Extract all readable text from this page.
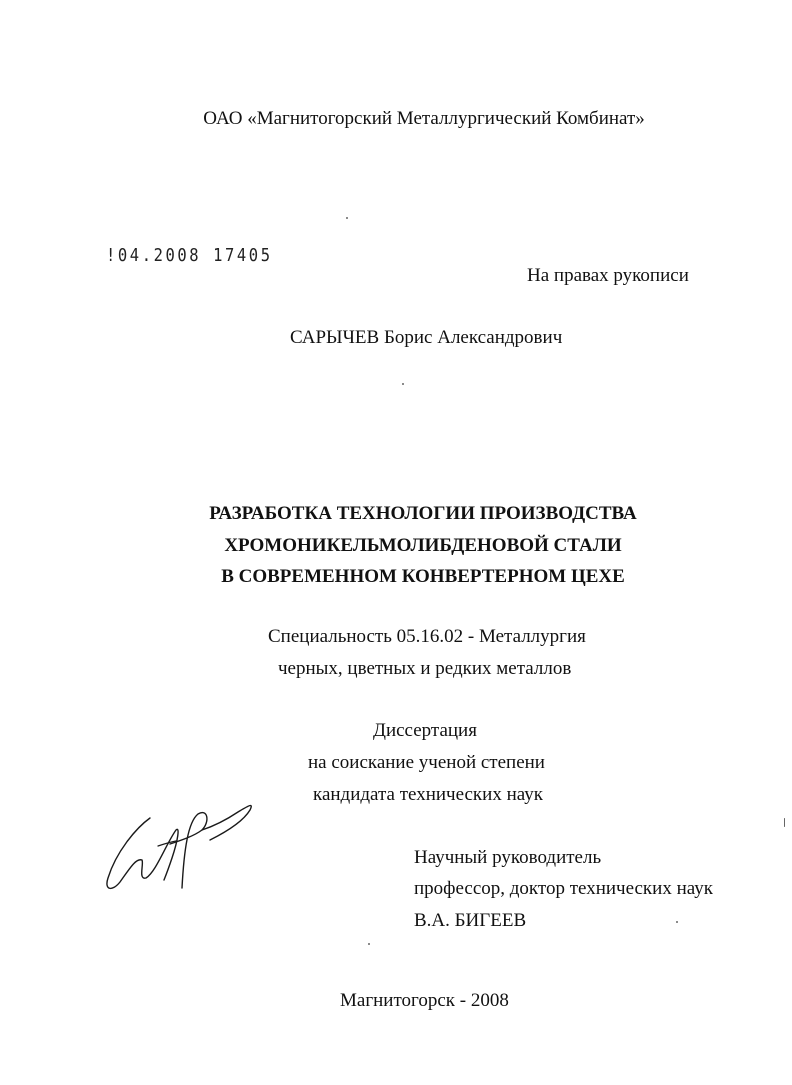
ОАО «Магнитогорский Металлургический Комбинат»
!04.2008 17405
На правах рукописи
САРЫЧЕВ Борис Александрович
РАЗРАБОТКА ТЕХНОЛОГИИ ПРОИЗВОДСТВА
ХРОМОНИКЕЛЬМОЛИБДЕНОВОЙ СТАЛИ
В СОВРЕМЕННОМ КОНВЕРТЕРНОМ ЦЕХЕ
Специальность 05.16.02 - Металлургия
черных, цветных и редких металлов
Диссертация
на соискание ученой степени
кандидата технических наук
Научный руководитель
профессор, доктор технических наук
В.А. БИГЕЕВ
Магнитогорск - 2008
